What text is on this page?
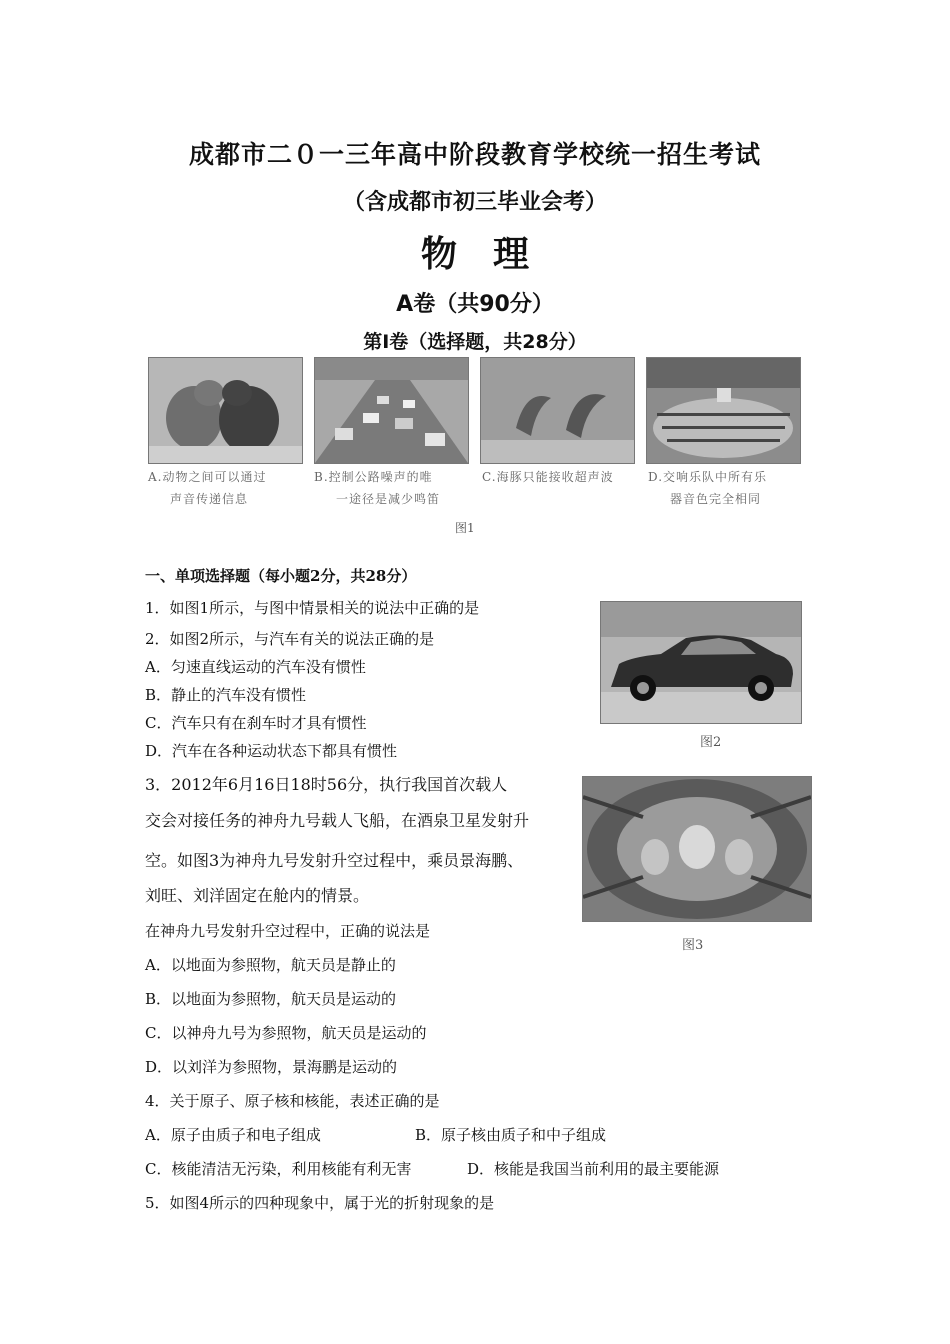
成都市二０一三年高中阶段教育学校统一招生考试
（含成都市初三毕业会考）
物　理
A卷（共90分）
第Ⅰ卷（选择题，共28分）
A.动物之间可以通过
声音传递信息
B.控制公路噪声的唯
一途径是减少鸣笛
C.海豚只能接收超声波	D.交响乐队中所有乐
器音色完全相同
图1
一、单项选择题（每小题2分，共28分）
1．如图1所示，与图中情景相关的说法中正确的是
2．如图2所示，与汽车有关的说法正确的是
A．匀速直线运动的汽车没有惯性
B．静止的汽车没有惯性
C．汽车只有在刹车时才具有惯性
D．汽车在各种运动状态下都具有惯性	图2
3．2012年6月16日18时56分，执行我国首次载人
交会对接任务的神舟九号载人飞船，在酒泉卫星发射升
空。如图3为神舟九号发射升空过程中，乘员景海鹏、
刘旺、刘洋固定在舱内的情景。
在神舟九号发射升空过程中，正确的说法是
A．以地面为参照物，航天员是静止的
B．以地面为参照物，航天员是运动的
C．以神舟九号为参照物，航天员是运动的
D．以刘洋为参照物，景海鹏是运动的
图3
4．关于原子、原子核和核能，表述正确的是
A．原子由质子和电子组成	B．原子核由质子和中子组成
C．核能清洁无污染，利用核能有利无害	D．核能是我国当前利用的最主要能源
5．如图4所示的四种现象中，属于光的折射现象的是
